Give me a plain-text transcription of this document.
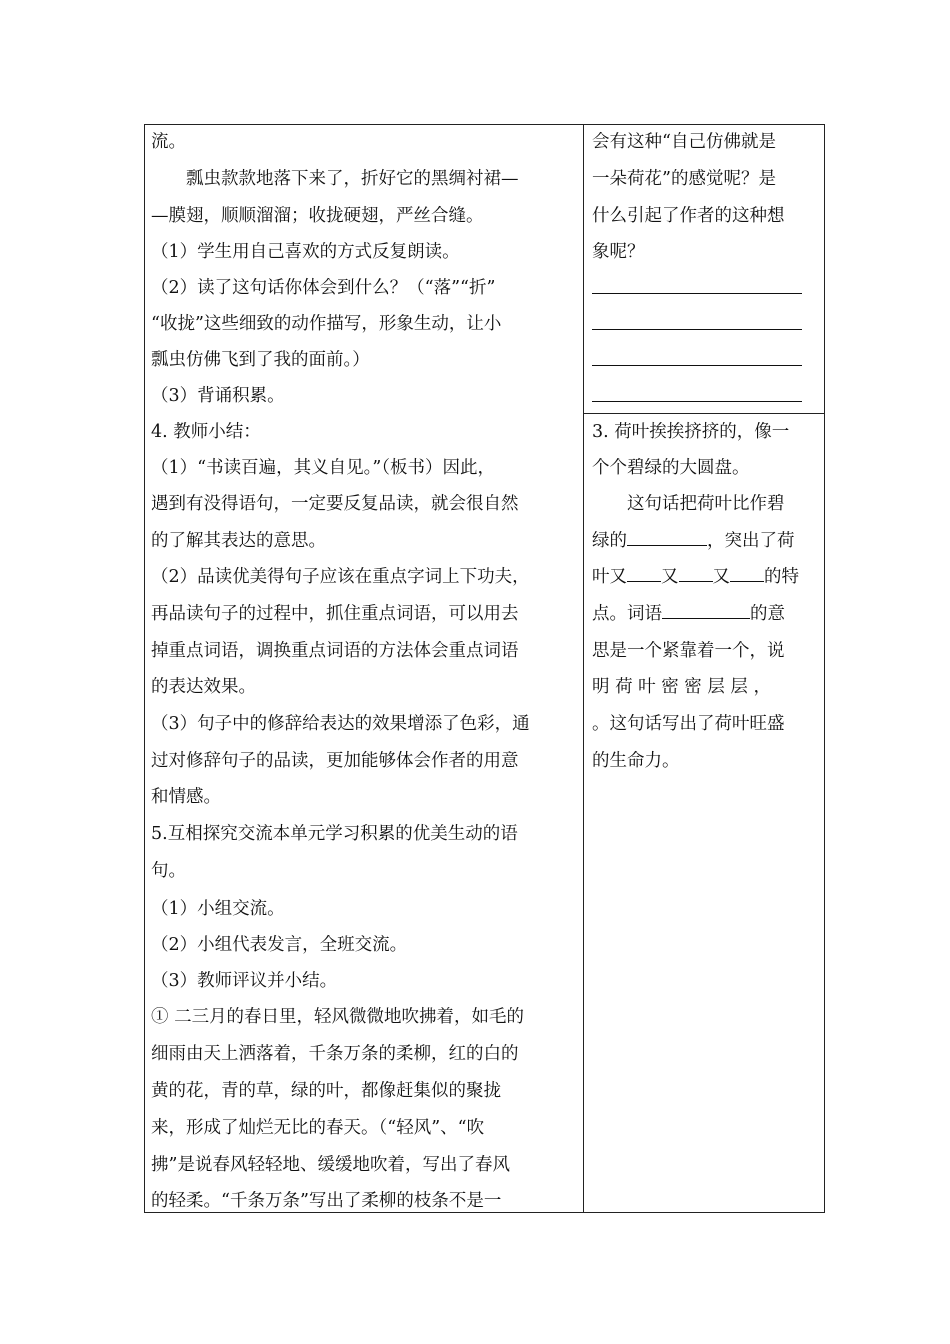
流。
　　瓢虫款款地落下来了，折好它的黑绸衬裙—
—膜翅，顺顺溜溜；收拢硬翅，严丝合缝。
（1）学生用自己喜欢的方式反复朗读。
（2）读了这句话你体会到什么？（“落”“折”
“收拢”这些细致的动作描写，形象生动，让小
瓢虫仿佛飞到了我的面前。）
（3）背诵积累。
4. 教师小结：
（1）“书读百遍，其义自见。”（板书）因此，
遇到有没得语句，一定要反复品读，就会很自然
的了解其表达的意思。
（2）品读优美得句子应该在重点字词上下功夫，
再品读句子的过程中，抓住重点词语，可以用去
掉重点词语，调换重点词语的方法体会重点词语
的表达效果。
（3）句子中的修辞给表达的效果增添了色彩，通
过对修辞句子的品读，更加能够体会作者的用意
和情感。
5.互相探究交流本单元学习积累的优美生动的语
句。
（1）小组交流。
（2）小组代表发言，全班交流。
（3）教师评议并小结。
① 二三月的春日里，轻风微微地吹拂着，如毛的
细雨由天上洒落着，千条万条的柔柳，红的白的
黄的花，青的草，绿的叶，都像赶集似的聚拢
来，形成了灿烂无比的春天。（“轻风”、“吹
拂”是说春风轻轻地、缓缓地吹着，写出了春风
的轻柔。“千条万条”写出了柔柳的枝条不是一
会有这种“自己仿佛就是
一朵荷花”的感觉呢？是
什么引起了作者的这种想
象呢？
3. 荷叶挨挨挤挤的，像一
个个碧绿的大圆盘。
　　这句话把荷叶比作碧
绿的	，突出了荷
叶又 又 又 的特
点。词语	的意
思是一个紧靠着一个，说
明 荷 叶 密 密 层 层 ，
。这句话写出了荷叶旺盛
的生命力。
